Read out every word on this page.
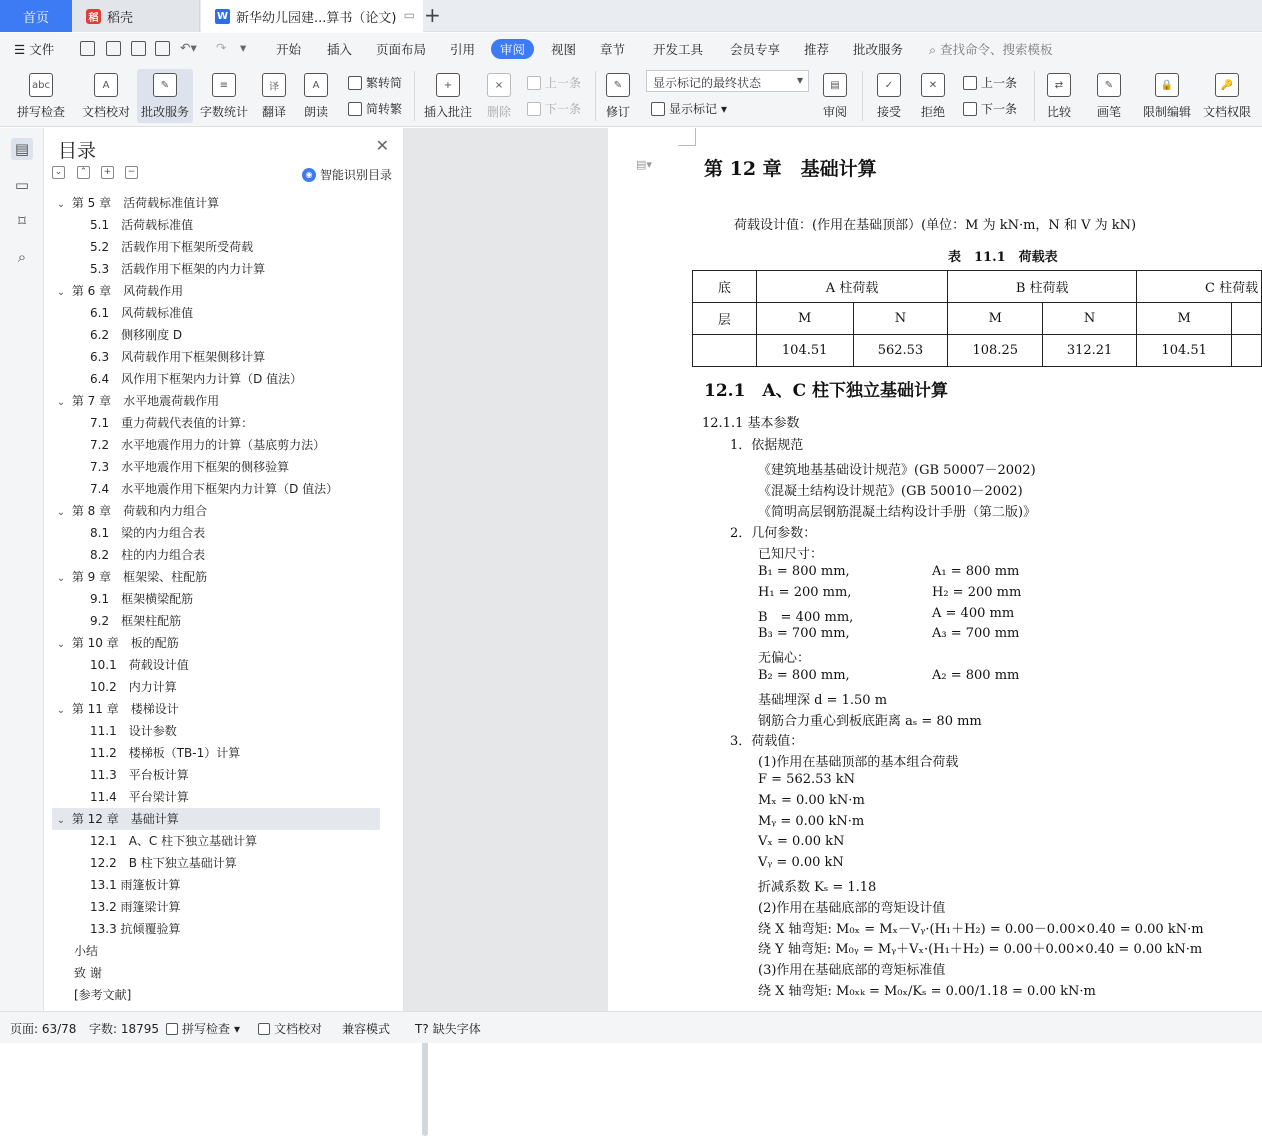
首页	稻 稻壳	W 新华幼儿园建...算书（论文) ▭ +
☰ 文件	↶▾ ↷ ▾ 开始 插入 页面布局 引用	审阅	视图 章节 开发工具 会员专享 推荐 批改服务 ⌕ 查找命令、搜索模板
abc
拼写检查
A
文档校对
✎
批改服务
≡
字数统计
译
翻译
A
朗读
繁转简
简转繁
+
插入批注
×
删除
上一条
下一条
✎
修订
显示标记的最终状态 ▾
显示标记 ▾
▤
审阅
✓
接受
✕
拒绝
上一条
下一条
⇄
比较
✎
画笔
🔒
限制编辑
🔑
文档权限
▤
▭
⌑
⌕
目录	✕
⌄	⌃	+	−	◉ 智能识别目录
⌄ 第 5 章　活荷载标准值计算
5.1　活荷载标准值
5.2　活载作用下框架所受荷载
5.3　活载作用下框架的内力计算
⌄ 第 6 章　风荷载作用
6.1　风荷载标准值
6.2　侧移刚度 D
6.3　风荷载作用下框架侧移计算
6.4　风作用下框架内力计算（D 值法）
⌄ 第 7 章　水平地震荷载作用
7.1　重力荷载代表值的计算：
7.2　水平地震作用力的计算（基底剪力法）
7.3　水平地震作用下框架的侧移验算
7.4　水平地震作用下框架内力计算（D 值法）
⌄ 第 8 章　荷载和内力组合
8.1　梁的内力组合表
8.2　柱的内力组合表
⌄ 第 9 章　框架梁、柱配筋
9.1　框架横梁配筋
9.2　框架柱配筋
⌄ 第 10 章　板的配筋
10.1　荷载设计值
10.2　内力计算
⌄ 第 11 章　楼梯设计
11.1　设计参数
11.2　楼梯板（TB-1）计算
11.3　平台板计算
11.4　平台梁计算
⌄ 第 12 章　基础计算
12.1　A、C 柱下独立基础计算
12.2　B 柱下独立基础计算
13.1 雨篷板计算
13.2 雨篷梁计算
13.3 抗倾覆验算
小结
致 谢
[参考文献]
▤▾	第 12 章　基础计算
荷载设计值：(作用在基础顶部）(单位：M 为 kN·m，N 和 V 为 kN)
表　11.1　荷载表
底	A 柱荷载		B 柱荷载		C 柱荷载	
层	M	N	M	N	M	
	104.51	562.53	108.25	312.21	104.51	
12.1　A、C 柱下独立基础计算
12.1.1 基本参数
1．依据规范
《建筑地基基础设计规范》(GB 50007－2002)
《混凝土结构设计规范》(GB 50010－2002)
《简明高层钢筋混凝土结构设计手册（第二版)》
2．几何参数：
已知尺寸：
B₁ = 800 mm,	A₁ = 800 mm
H₁ = 200 mm,	H₂ = 200 mm
B　= 400 mm,	A = 400 mm
B₃ = 700 mm,	A₃ = 700 mm
无偏心：
B₂ = 800 mm,	A₂ = 800 mm
基础埋深 d = 1.50 m
钢筋合力重心到板底距离 aₛ = 80 mm
3．荷载值：
(1)作用在基础顶部的基本组合荷载
F = 562.53 kN
Mₓ = 0.00 kN·m
Mᵧ = 0.00 kN·m
Vₓ = 0.00 kN
Vᵧ = 0.00 kN
折减系数 Kₛ = 1.18
(2)作用在基础底部的弯矩设计值
绕 X 轴弯矩: M₀ₓ = Mₓ－Vᵧ·(H₁＋H₂) = 0.00－0.00×0.40 = 0.00 kN·m
绕 Y 轴弯矩: M₀ᵧ = Mᵧ＋Vₓ·(H₁＋H₂) = 0.00＋0.00×0.40 = 0.00 kN·m
(3)作用在基础底部的弯矩标准值
绕 X 轴弯矩: M₀ₓₖ = M₀ₓ/Kₛ = 0.00/1.18 = 0.00 kN·m
页面: 63/78 字数: 18795 拼写检查 ▾	文档校对 兼容模式 T? 缺失字体
